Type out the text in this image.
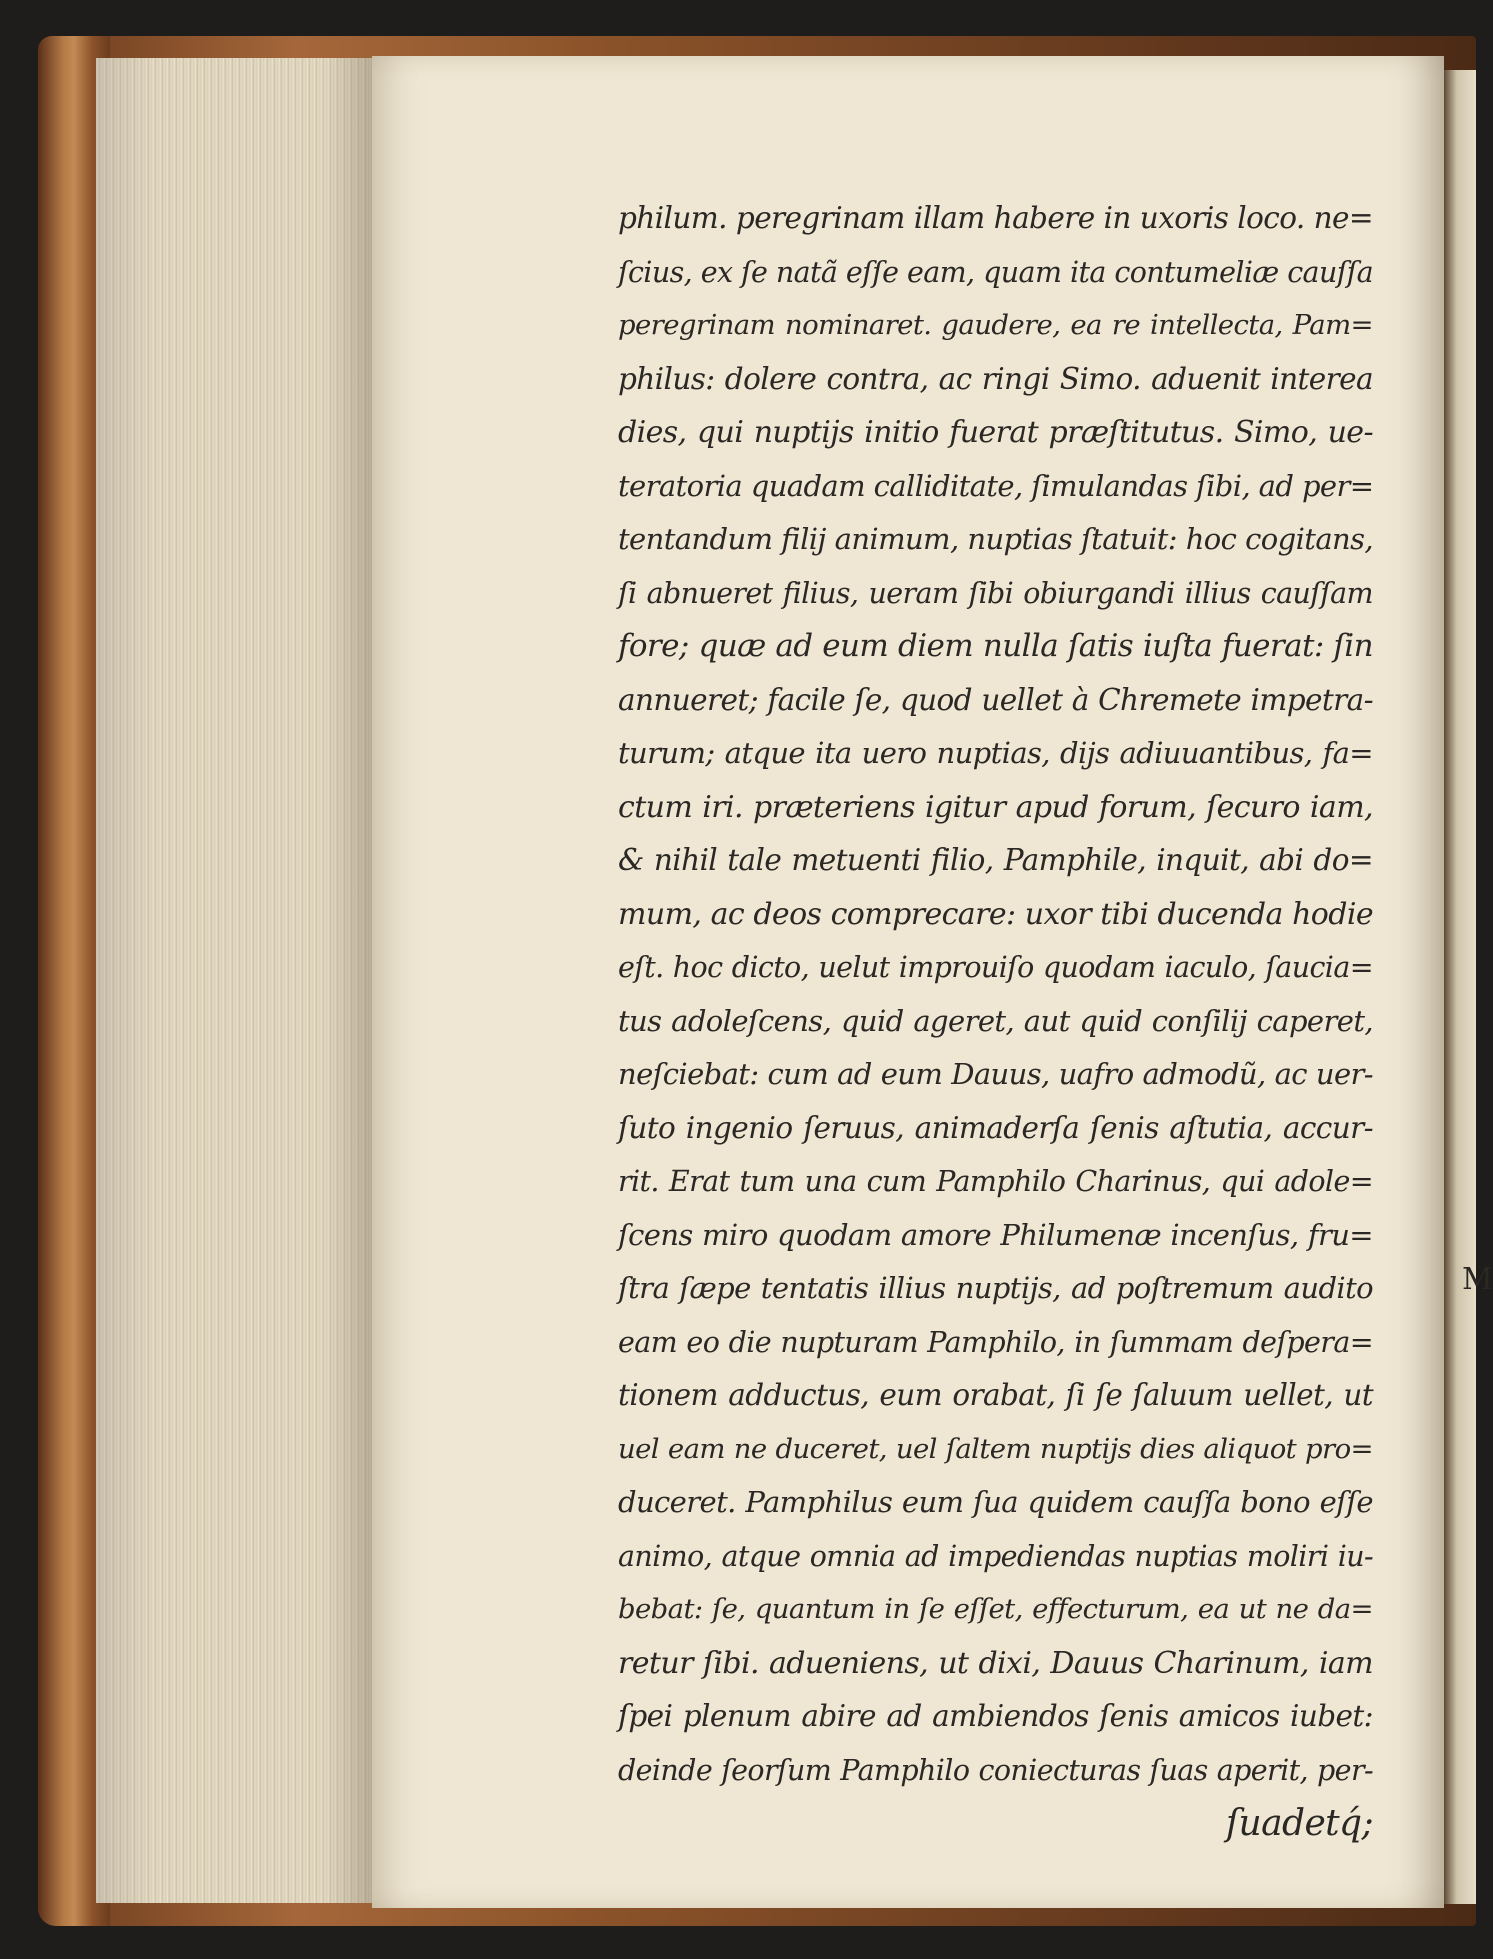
M
philum. peregrinam illam habere in uxoris loco. ne=
ſcius, ex ſe natã eſſe eam, quam ita contumeliæ cauſſa
peregrinam nominaret. gaudere, ea re intellecta, Pam=
philus: dolere contra, ac ringi Simo. aduenit interea
dies, qui nuptijs initio fuerat præſtitutus. Simo, ue-
teratoria quadam calliditate, ſimulandas ſibi, ad per=
tentandum filij animum, nuptias ſtatuit: hoc cogitans,
ſi abnueret filius, ueram ſibi obiurgandi illius cauſſam
fore; quæ ad eum diem nulla ſatis iuſta fuerat: ſin
annueret; facile ſe, quod uellet à Chremete impetra-
turum; atque ita uero nuptias, dijs adiuuantibus, fa=
ctum iri. præteriens igitur apud forum, ſecuro iam,
& nihil tale metuenti filio, Pamphile, inquit, abi do=
mum, ac deos comprecare: uxor tibi ducenda hodie
eſt. hoc dicto, uelut improuiſo quodam iaculo, ſaucia=
tus adoleſcens, quid ageret, aut quid conſilij caperet,
neſciebat: cum ad eum Dauus, uafro admodũ, ac uer-
ſuto ingenio ſeruus, animaderſa ſenis aſtutia, accur-
rit. Erat tum una cum Pamphilo Charinus, qui adole=
ſcens miro quodam amore Philumenæ incenſus, fru=
ſtra ſæpe tentatis illius nuptijs, ad poſtremum audito
eam eo die nupturam Pamphilo, in ſummam deſpera=
tionem adductus, eum orabat, ſi ſe ſaluum uellet, ut
uel eam ne duceret, uel ſaltem nuptijs dies aliquot pro=
duceret. Pamphilus eum ſua quidem cauſſa bono eſſe
animo, atque omnia ad impediendas nuptias moliri iu-
bebat: ſe, quantum in ſe eſſet, effecturum, ea ut ne da=
retur ſibi. adueniens, ut dixi, Dauus Charinum, iam
ſpei plenum abire ad ambiendos ſenis amicos iubet:
deinde ſeorſum Pamphilo coniecturas ſuas aperit, per-
ſuadetq́;
